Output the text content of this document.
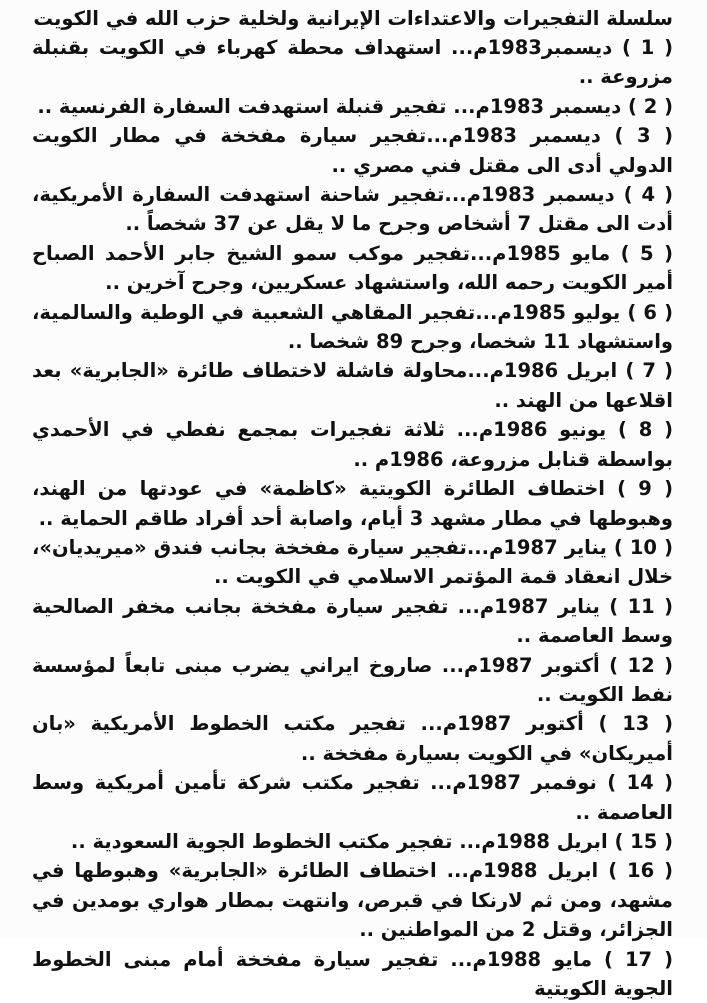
سلسلة التفجيرات والاعتداءات الإيرانية ولخلية حزب الله في الكويت

( 1 ) ديسمبر1983م... استهداف محطة كهرباء في الكويت بقنبلة مزروعة ..

( 2 ) ديسمبر 1983م... تفجير قنبلة استهدفت السفارة الفرنسية ..

( 3 ) ديسمبر 1983م...تفجير سيارة مفخخة في مطار الكويت الدولي أدى الى مقتل فني مصري ..

( 4 ) ديسمبر 1983م...تفجير شاحنة استهدفت السفارة الأمريكية، أدت الى مقتل 7 أشخاص وجرح ما لا يقل عن 37 شخصاً ..

( 5 ) مايو 1985م...تفجير موكب سمو الشيخ جابر الأحمد الصباح أمير الكويت رحمه الله، واستشهاد عسكريين، وجرح آخرين ..

( 6 ) يوليو 1985م...تفجير المقاهي الشعبية في الوطية والسالمية، واستشهاد 11 شخصا، وجرح 89 شخصا ..

( 7 ) ابريل 1986م...محاولة فاشلة لاختطاف طائرة «الجابرية» بعد اقلاعها من الهند ..

( 8 ) يونيو 1986م... ثلاثة تفجيرات بمجمع نفطي في الأحمدي بواسطة قنابل مزروعة، 1986م ..

( 9 ) اختطاف الطائرة الكويتية «كاظمة» في عودتها من الهند، وهبوطها في مطار مشهد 3 أيام، واصابة أحد أفراد طاقم الحماية ..

( 10 ) يناير 1987م...تفجير سيارة مفخخة بجانب فندق «ميريديان»، خلال انعقاد قمة المؤتمر الاسلامي في الكويت ..

( 11 ) يناير 1987م... تفجير سيارة مفخخة بجانب مخفر الصالحية وسط العاصمة ..

( 12 ) أكتوبر 1987م... صاروخ ايراني يضرب مبنى تابعاً لمؤسسة نفط الكويت ..

( 13 ) أكتوبر 1987م... تفجير مكتب الخطوط الأمريكية «بان أميريكان» في الكويت بسيارة مفخخة ..

( 14 ) نوفمبر 1987م... تفجير مكتب شركة تأمين أمريكية وسط العاصمة ..

( 15 ) ابريل 1988م... تفجير مكتب الخطوط الجوية السعودية ..

( 16 ) ابريل 1988م... اختطاف الطائرة «الجابرية» وهبوطها في مشهد، ومن ثم لارنكا في قبرص، وانتهت بمطار هواري بومدين في الجزائر، وقتل 2 من المواطنين ..

( 17 ) مايو 1988م... تفجير سيارة مفخخة أمام مبنى الخطوط الجوية الكويتية
